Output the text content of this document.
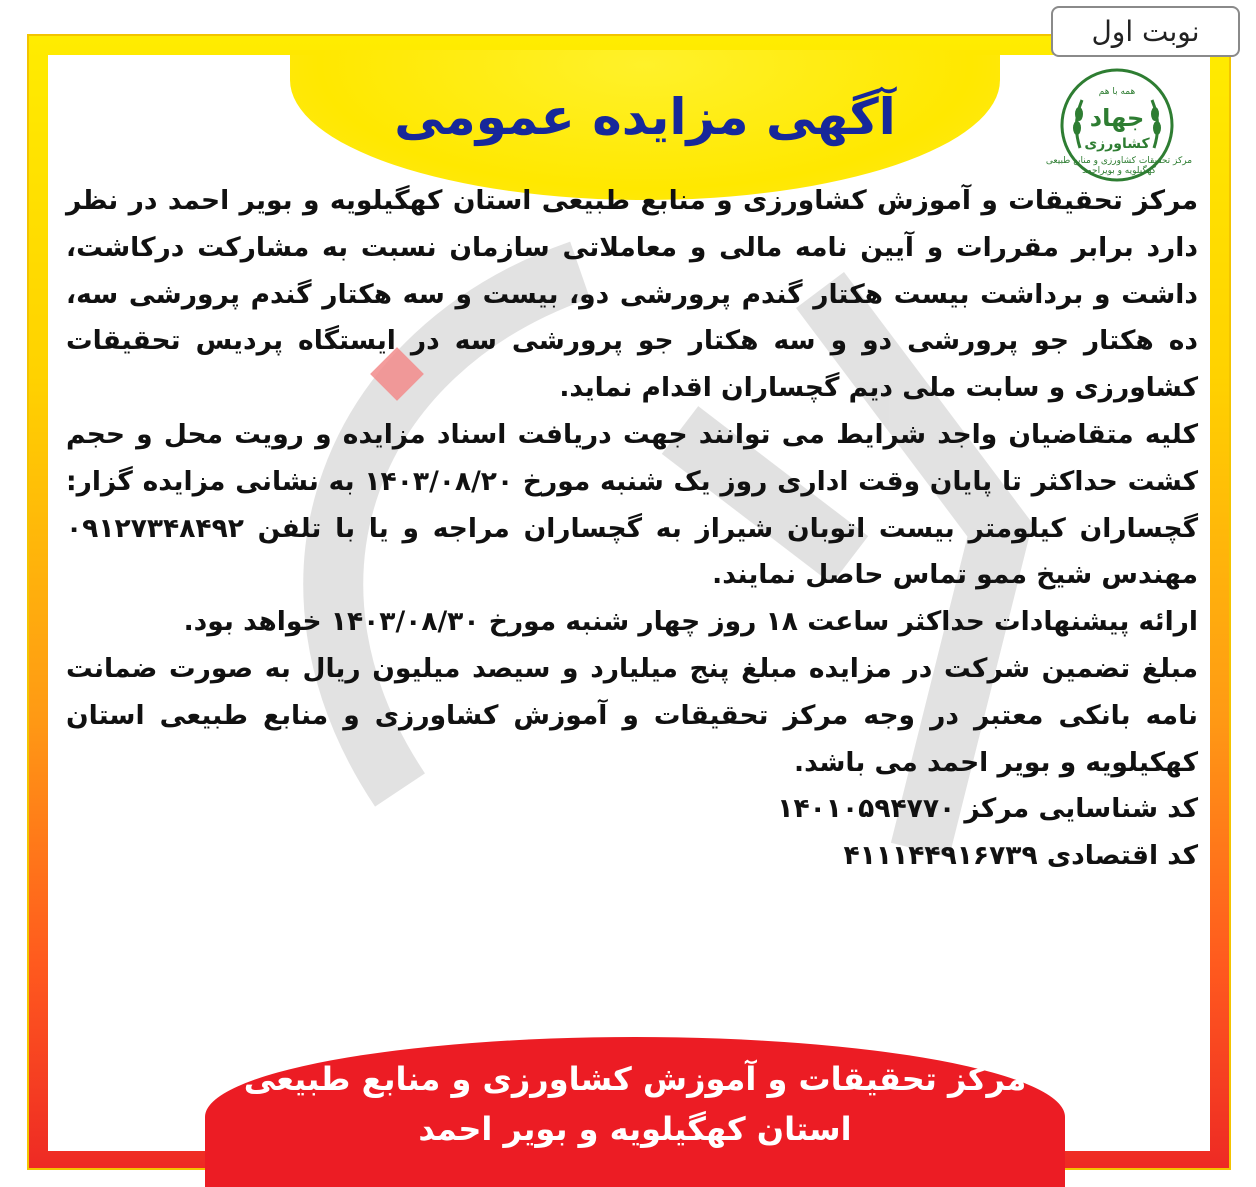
نوبت اول
آگهی مزایده عمومی	همه با هم
جهاد
کشاورزی
مرکز تحقیقات کشاورزی و منابع طبیعی کهگیلویه و بویراحمد

مرکز تحقیقات و آموزش کشاورزی و منابع طبیعی استان کهگیلویه و بویر احمد در نظر دارد برابر مقررات و آیین نامه مالی و معاملاتی سازمان نسبت به مشارکت درکاشت، داشت و برداشت بیست هکتار گندم پرورشی دو، بیست و سه هکتار گندم پرورشی سه، ده هکتار جو پرورشی دو و سه هکتار جو پرورشی سه در ایستگاه پردیس تحقیقات کشاورزی و سابت ملی دیم گچساران اقدام نماید.

کلیه متقاضیان واجد شرایط می توانند جهت دریافت اسناد مزایده و رویت محل و حجم کشت حداکثر تا پایان وقت اداری روز یک شنبه مورخ ۱۴۰۳/۰۸/۲۰ به نشانی مزایده گزار: گچساران کیلومتر بیست اتوبان شیراز به گچساران مراجه و یا با تلفن ۰۹۱۲۷۳۴۸۴۹۲ مهندس شیخ ممو تماس حاصل نمایند.

ارائه پیشنهادات حداکثر ساعت ۱۸ روز چهار شنبه مورخ ۱۴۰۳/۰۸/۳۰ خواهد بود.

مبلغ تضمین شرکت در مزایده مبلغ پنج میلیارد و سیصد میلیون ریال به صورت ضمانت نامه بانکی معتبر در وجه مرکز تحقیقات و آموزش کشاورزی و منابع طبیعی استان کهکیلویه و بویر احمد می باشد.

کد شناسایی مرکز ۱۴۰۱۰۵۹۴۷۷۰

کد اقتصادی ۴۱۱۱۴۴۹۱۶۷۳۹

مرکز تحقیقات و آموزش کشاورزی و منابع طبیعی
استان کهگیلویه و بویر احمد
